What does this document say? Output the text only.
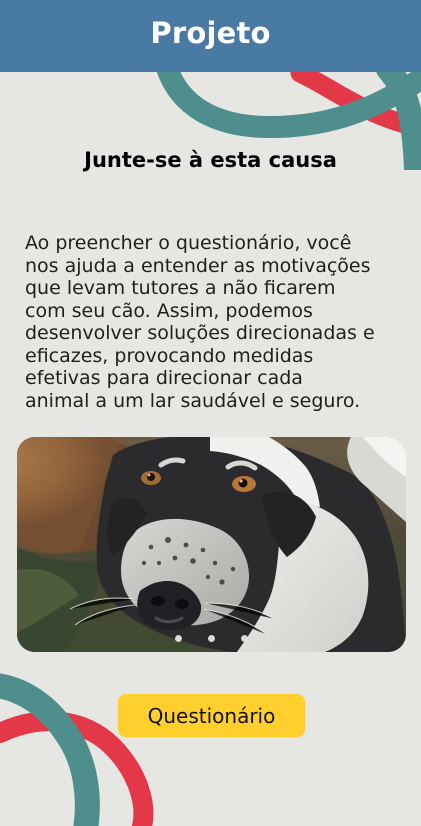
Projeto
Junte-se à esta causa
Ao preencher o questionário, você
nos ajuda a entender as motivações
que levam tutores a não ficarem
com seu cão. Assim, podemos
desenvolver soluções direcionadas e
eficazes, provocando medidas
efetivas para direcionar cada
animal a um lar saudável e seguro.
Questionário
